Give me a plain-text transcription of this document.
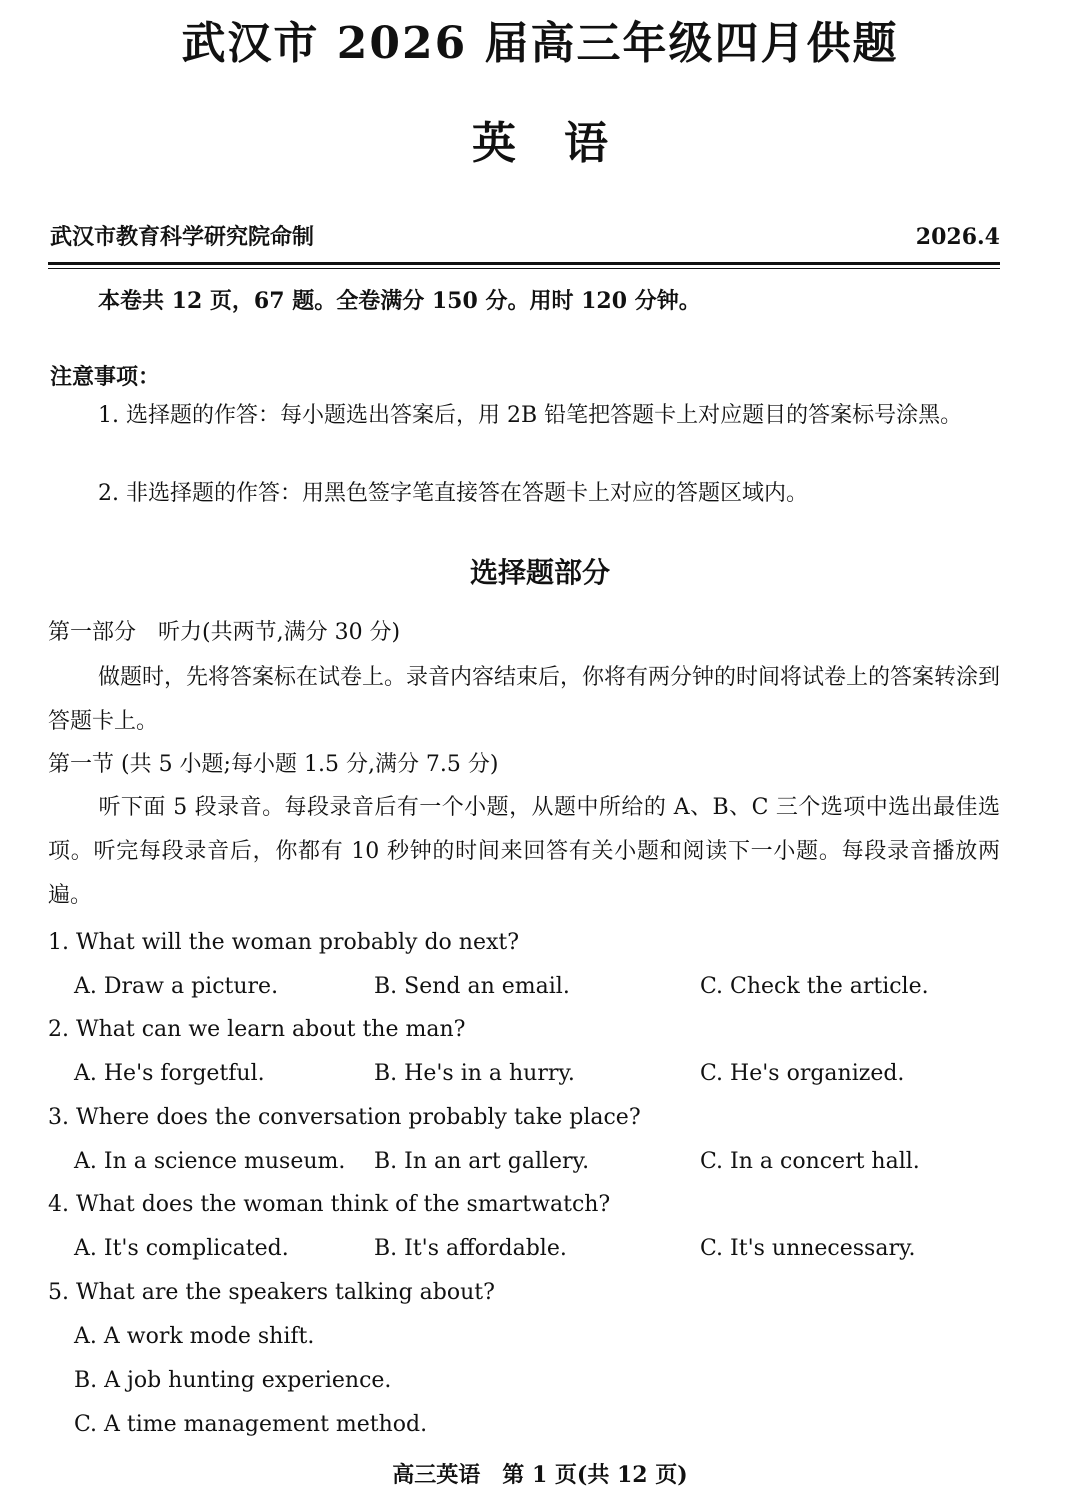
武汉市 2026 届高三年级四月供题
英语
武汉市教育科学研究院命制	2026.4
本卷共 12 页，67 题。全卷满分 150 分。用时 120 分钟。
注意事项：
1. 选择题的作答：每小题选出答案后，用 2B 铅笔把答题卡上对应题目的答案标号涂黑。
2. 非选择题的作答：用黑色签字笔直接答在答题卡上对应的答题区域内。
选择题部分
第一部分　听力(共两节,满分 30 分)
做题时，先将答案标在试卷上。录音内容结束后，你将有两分钟的时间将试卷上的答案转涂到答题卡上。
第一节 (共 5 小题;每小题 1.5 分,满分 7.5 分)
听下面 5 段录音。每段录音后有一个小题，从题中所给的 A、B、C 三个选项中选出最佳选项。听完每段录音后，你都有 10 秒钟的时间来回答有关小题和阅读下一小题。每段录音播放两遍。
1. What will the woman probably do next?
A. Draw a picture.	B. Send an email.	C. Check the article.
2. What can we learn about the man?
A. He's forgetful.	B. He's in a hurry.	C. He's organized.
3. Where does the conversation probably take place?
A. In a science museum. B. In an art gallery.	C. In a concert hall.
4. What does the woman think of the smartwatch?
A. It's complicated.	B. It's affordable.	C. It's unnecessary.
5. What are the speakers talking about?
A. A work mode shift.
B. A job hunting experience.
C. A time management method.
高三英语　第 1 页(共 12 页)
